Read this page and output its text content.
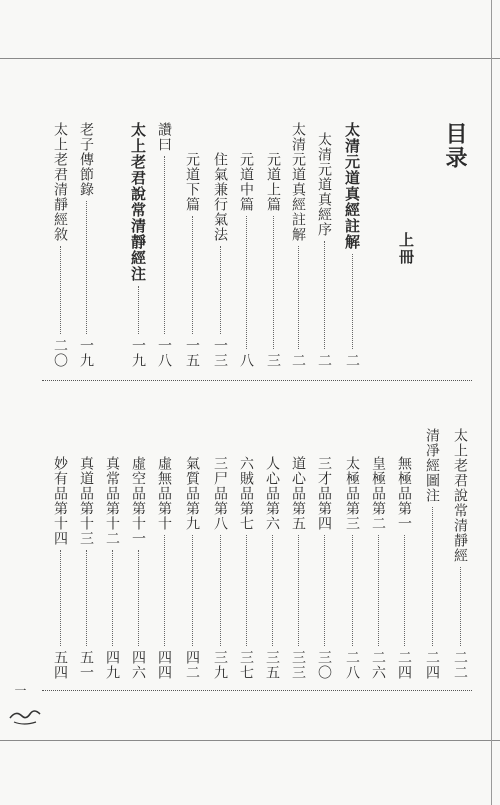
目录
上冊
太清元道真經註解
二
太清元道真經序
二
太清元道真經註解
二
元道上篇
三
元道中篇
八
住氣兼行氣法
一三
元道下篇
一五
讚曰
一八
太上老君說常清靜經注
一九
老子傳節錄
一九
太上老君清靜經敘
二〇
太上老君說常清靜經
二二
清凈經圖注
二四
無極品第一
二四
皇極品第二
二六
太極品第三
二八
三才品第四
三〇
道心品第五
三三
人心品第六
三五
六賊品第七
三七
三尸品第八
三九
氣質品第九
四二
虛無品第十
四四
虛空品第十一
四六
真常品第十二
四九
真道品第十三
五一
妙有品第十四
五四
一
